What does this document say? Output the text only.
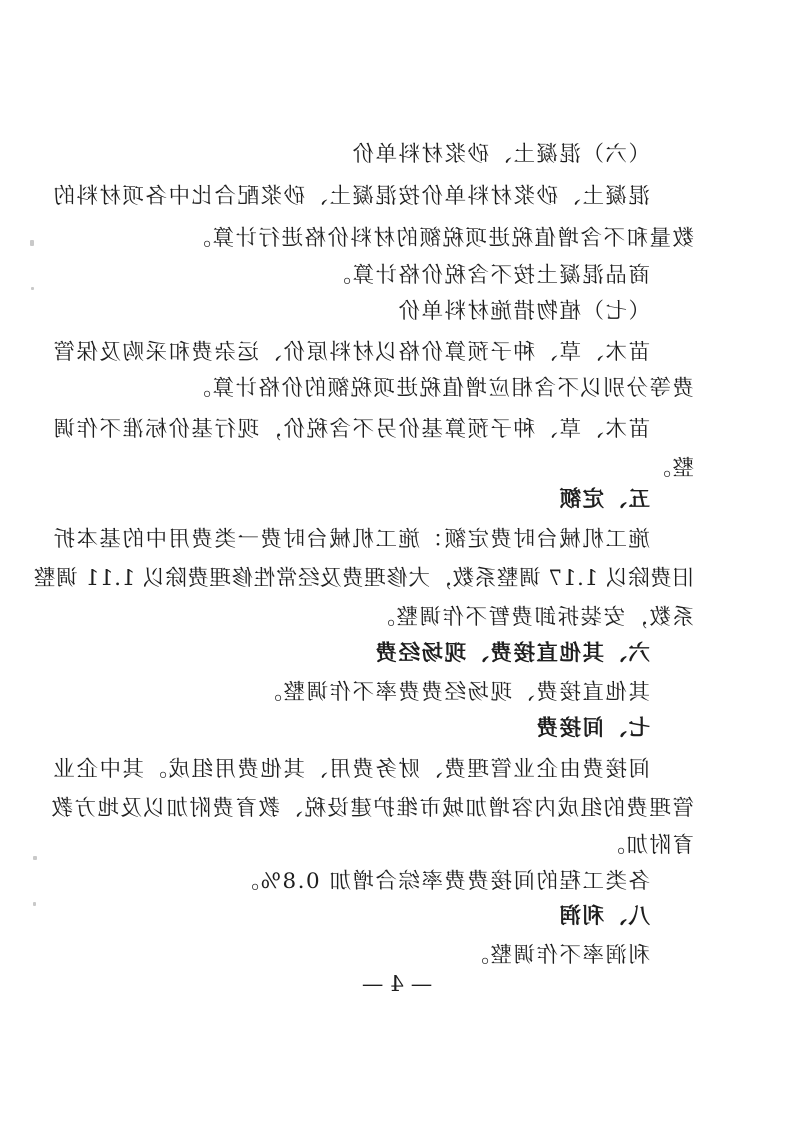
（六）混凝土、砂浆材料单价
混凝土、砂浆材料单价按混凝土、砂浆配合比中各项材料的
数量和不含增值税进项税额的材料价格进行计算。
商品混凝土按不含税价格计算。
（七）植物措施材料单价
苗木、草、种子预算价格以材料原价、运杂费和采购及保管
费等分别以不含相应增值税进项税额的价格计算。
苗木、草、种子预算基价另不含税价，现行基价标准不作调
整。
五、定额
施工机械台时费定额：施工机械台时费一类费用中的基本折
旧费除以 1.17 调整系数，大修理费及经常性修理费除以 1.11 调整
系数，安装拆卸费暂不作调整。
六、其他直接费、现场经费
其他直接费、现场经费费率不作调整。
七、间接费
间接费由企业管理费、财务费用、其他费用组成。其中企业
管理费的组成内容增加城市维护建设税、教育费附加以及地方教
育附加。
各类工程的间接费费率综合增加 0.8%。
八、利润
利润率不作调整。
— 4 —
